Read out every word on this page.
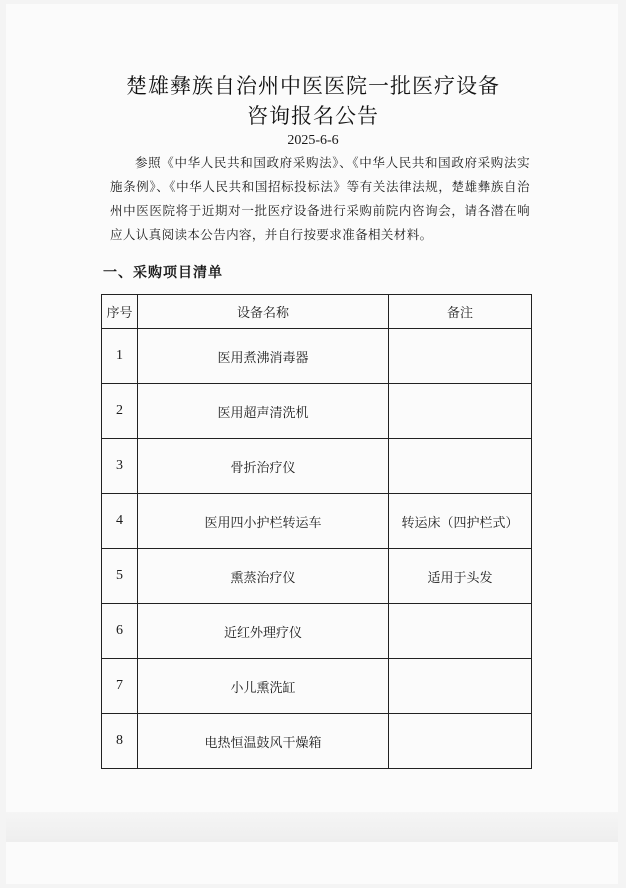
楚雄彝族自治州中医医院一批医疗设备
咨询报名公告
2025-6-6
参照《中华人民共和国政府采购法》、《中华人民共和国政府采购法实施条例》、《中华人民共和国招标投标法》等有关法律法规，楚雄彝族自治州中医医院将于近期对一批医疗设备进行采购前院内咨询会，请各潜在响应人认真阅读本公告内容，并自行按要求准备相关材料。
一、采购项目清单
序号	设备名称	备注
1	医用煮沸消毒器	
2	医用超声清洗机	
3	骨折治疗仪	
4	医用四小护栏转运车	转运床（四护栏式）
5	熏蒸治疗仪	适用于头发
6	近红外理疗仪	
7	小儿熏洗缸	
8	电热恒温鼓风干燥箱	
